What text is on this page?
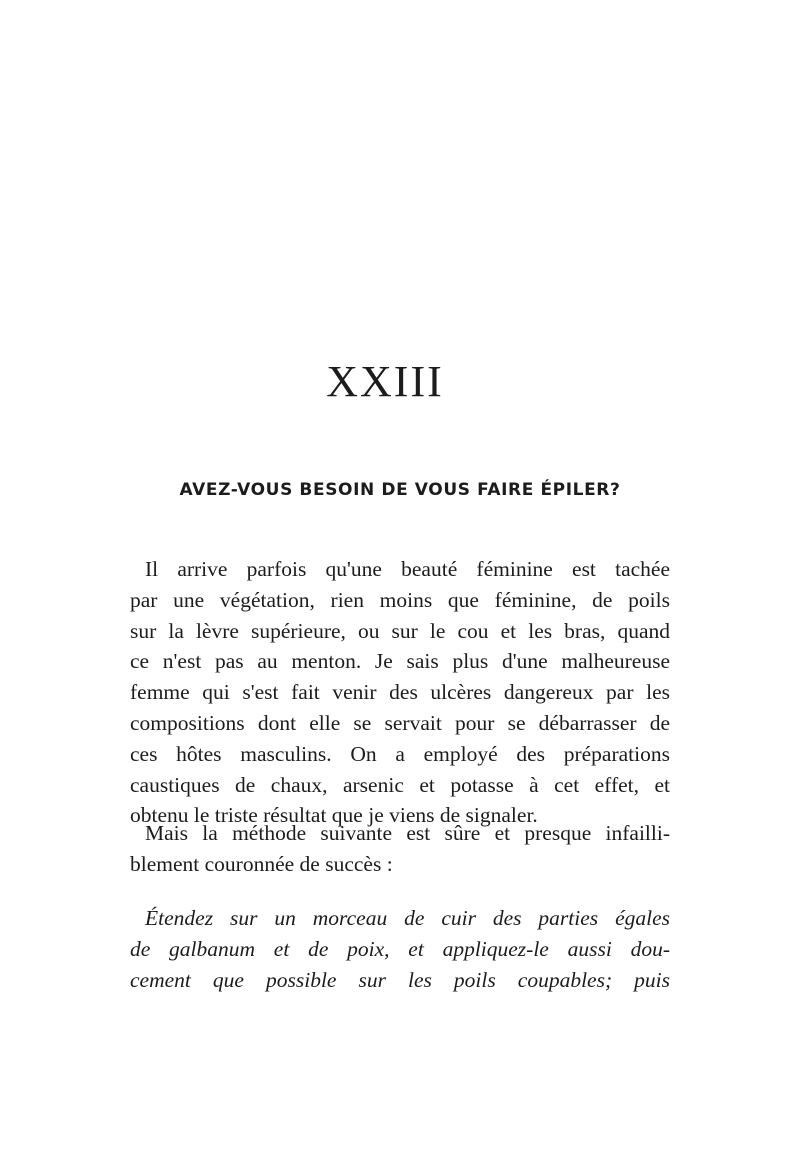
XXIII
AVEZ-VOUS BESOIN DE VOUS FAIRE ÉPILER?
Il arrive parfois qu'une beauté féminine est tachée
par une végétation, rien moins que féminine, de poils
sur la lèvre supérieure, ou sur le cou et les bras, quand
ce n'est pas au menton. Je sais plus d'une malheureuse
femme qui s'est fait venir des ulcères dangereux par les
compositions dont elle se servait pour se débarrasser de
ces hôtes masculins. On a employé des préparations
caustiques de chaux, arsenic et potasse à cet effet, et
obtenu le triste résultat que je viens de signaler.
Mais la méthode suivante est sûre et presque infailli-
blement couronnée de succès :
Étendez sur un morceau de cuir des parties égales
de galbanum et de poix, et appliquez-le aussi dou-
cement que possible sur les poils coupables; puis
